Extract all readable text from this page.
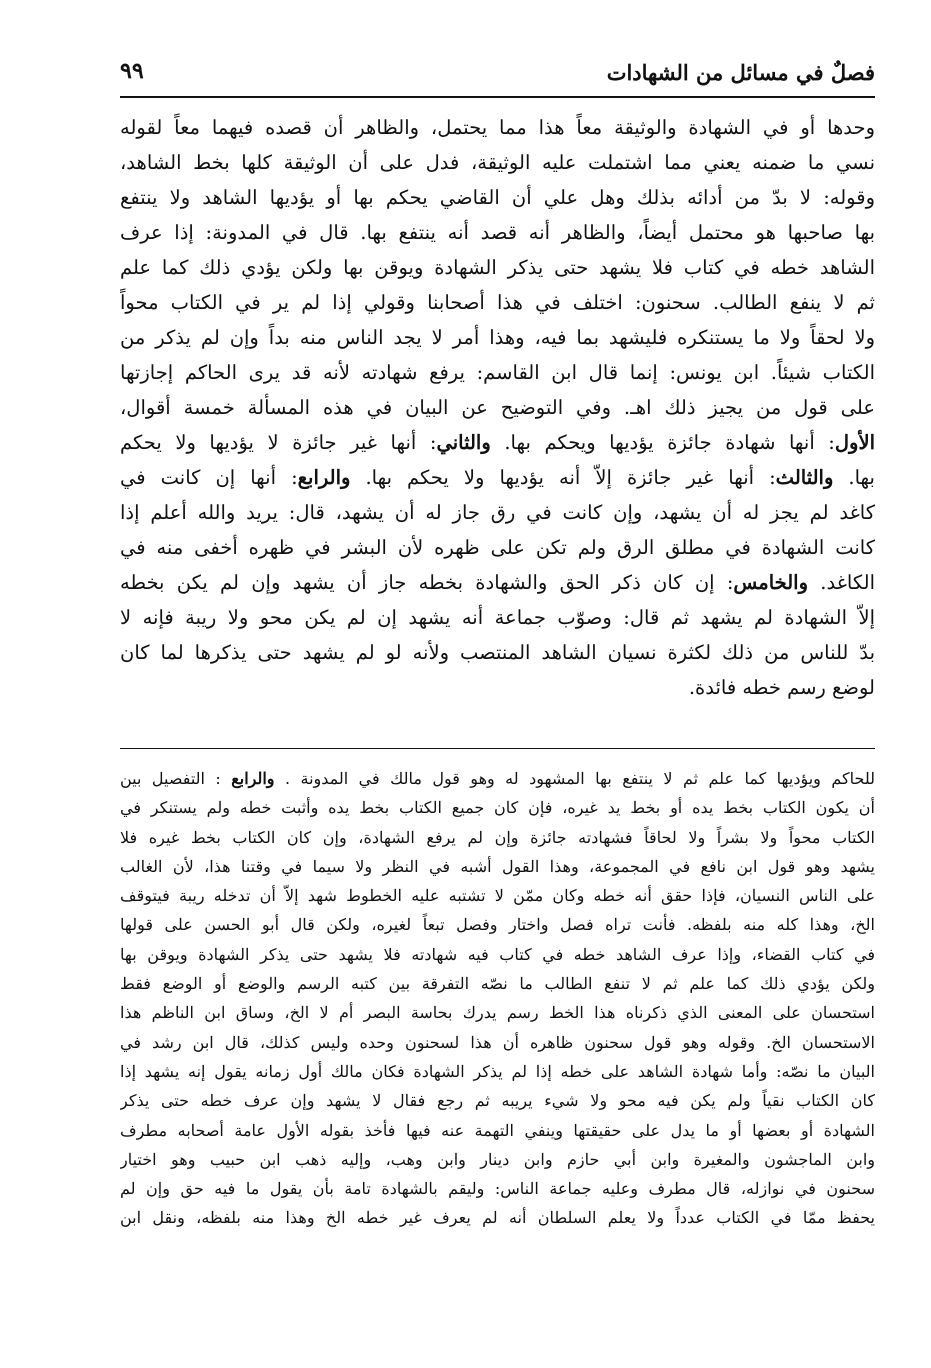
فصلٌ في مسائل من الشهادات
٩٩
وحدها أو في الشهادة والوثيقة معاً هذا مما يحتمل، والظاهر أن قصده فيهما معاً لقوله
نسي ما ضمنه يعني مما اشتملت عليه الوثيقة، فدل على أن الوثيقة كلها بخط الشاهد،
وقوله: لا بدّ من أدائه بذلك وهل علي أن القاضي يحكم بها أو يؤديها الشاهد ولا ينتفع
بها صاحبها هو محتمل أيضاً، والظاهر أنه قصد أنه ينتفع بها. قال في المدونة: إذا عرف
الشاهد خطه في كتاب فلا يشهد حتى يذكر الشهادة ويوقن بها ولكن يؤدي ذلك كما علم
ثم لا ينفع الطالب. سحنون: اختلف في هذا أصحابنا وقولي إذا لم ير في الكتاب محواً
ولا لحقاً ولا ما يستنكره فليشهد بما فيه، وهذا أمر لا يجد الناس منه بداً وإن لم يذكر من
الكتاب شيئاً. ابن يونس: إنما قال ابن القاسم: يرفع شهادته لأنه قد يرى الحاكم إجازتها
على قول من يجيز ذلك اهـ. وفي التوضيح عن البيان في هذه المسألة خمسة أقوال،
الأول: أنها شهادة جائزة يؤديها ويحكم بها. والثاني: أنها غير جائزة لا يؤديها ولا يحكم
بها. والثالث: أنها غير جائزة إلاّ أنه يؤديها ولا يحكم بها. والرابع: أنها إن كانت في
كاغد لم يجز له أن يشهد، وإن كانت في رق جاز له أن يشهد، قال: يريد والله أعلم إذا
كانت الشهادة في مطلق الرق ولم تكن على ظهره لأن البشر في ظهره أخفى منه في
الكاغد. والخامس: إن كان ذكر الحق والشهادة بخطه جاز أن يشهد وإن لم يكن بخطه
إلاّ الشهادة لم يشهد ثم قال: وصوّب جماعة أنه يشهد إن لم يكن محو ولا ريبة فإنه لا
بدّ للناس من ذلك لكثرة نسيان الشاهد المنتصب ولأنه لو لم يشهد حتى يذكرها لما كان
لوضع رسم خطه فائدة.
للحاكم ويؤديها كما علم ثم لا ينتفع بها المشهود له وهو قول مالك في المدونة . والرابع : التفصيل بين
أن يكون الكتاب بخط يده أو بخط يد غيره، فإن كان جميع الكتاب بخط يده وأثبت خطه ولم يستنكر في
الكتاب محواً ولا بشراً ولا لحاقاً فشهادته جائزة وإن لم يرفع الشهادة، وإن كان الكتاب بخط غيره فلا
يشهد وهو قول ابن نافع في المجموعة، وهذا القول أشبه في النظر ولا سيما في وقتنا هذا، لأن الغالب
على الناس النسيان، فإذا حقق أنه خطه وكان ممّن لا تشتبه عليه الخطوط شهد إلاّ أن تدخله ريبة فيتوقف
الخ، وهذا كله منه بلفظه. فأنت تراه فصل واختار وفصل تبعاً لغيره، ولكن قال أبو الحسن على قولها
في كتاب القضاء، وإذا عرف الشاهد خطه في كتاب فيه شهادته فلا يشهد حتى يذكر الشهادة ويوقن بها
ولكن يؤدي ذلك كما علم ثم لا تنفع الطالب ما نصّه التفرقة بين كتبه الرسم والوضع أو الوضع فقط
استحسان على المعنى الذي ذكرناه هذا الخط رسم يدرك بحاسة البصر أم لا الخ، وساق ابن الناظم هذا
الاستحسان الخ. وقوله وهو قول سحنون ظاهره أن هذا لسحنون وحده وليس كذلك، قال ابن رشد في
البيان ما نصّه: وأما شهادة الشاهد على خطه إذا لم يذكر الشهادة فكان مالك أول زمانه يقول إنه يشهد إذا
كان الكتاب نقياً ولم يكن فيه محو ولا شيء يريبه ثم رجع فقال لا يشهد وإن عرف خطه حتى يذكر
الشهادة أو بعضها أو ما يدل على حقيقتها وينفي التهمة عنه فيها فأخذ بقوله الأول عامة أصحابه مطرف
وابن الماجشون والمغيرة وابن أبي حازم وابن دينار وابن وهب، وإليه ذهب ابن حبيب وهو اختيار
سحنون في نوازله، قال مطرف وعليه جماعة الناس: وليقم بالشهادة تامة بأن يقول ما فيه حق وإن لم
يحفظ ممّا في الكتاب عدداً ولا يعلم السلطان أنه لم يعرف غير خطه الخ وهذا منه بلفظه، ونقل ابن
